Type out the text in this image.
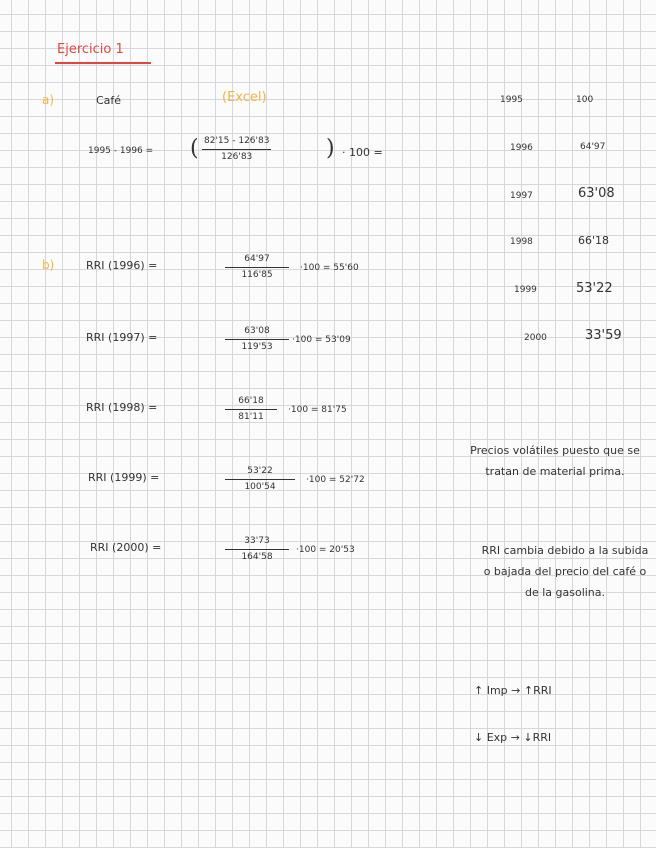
Ejercicio 1
a)	Café	(Excel)
1995 - 1996 = ( 82'15 - 126'83
126'83	) · 100 =
1995	100
1996	64'97
1997	63'08
1998	66'18
1999	53'22
2000	33'59
b)	RRI (1996) =	64'97
116'85
·100 = 55'60
RRI (1997) =	63'08
119'53
·100 = 53'09
RRI (1998) =	66'18
81'11
·100 = 81'75
RRI (1999) =	53'22
100'54
·100 = 52'72
RRI (2000) =	33'73
164'58
·100 = 20'53
Precios volátiles puesto que se tratan de material prima.
RRI cambia debido a la subida o bajada del precio del café o de la gasolina.
↑ Imp → ↑RRI
↓ Exp → ↓RRI
